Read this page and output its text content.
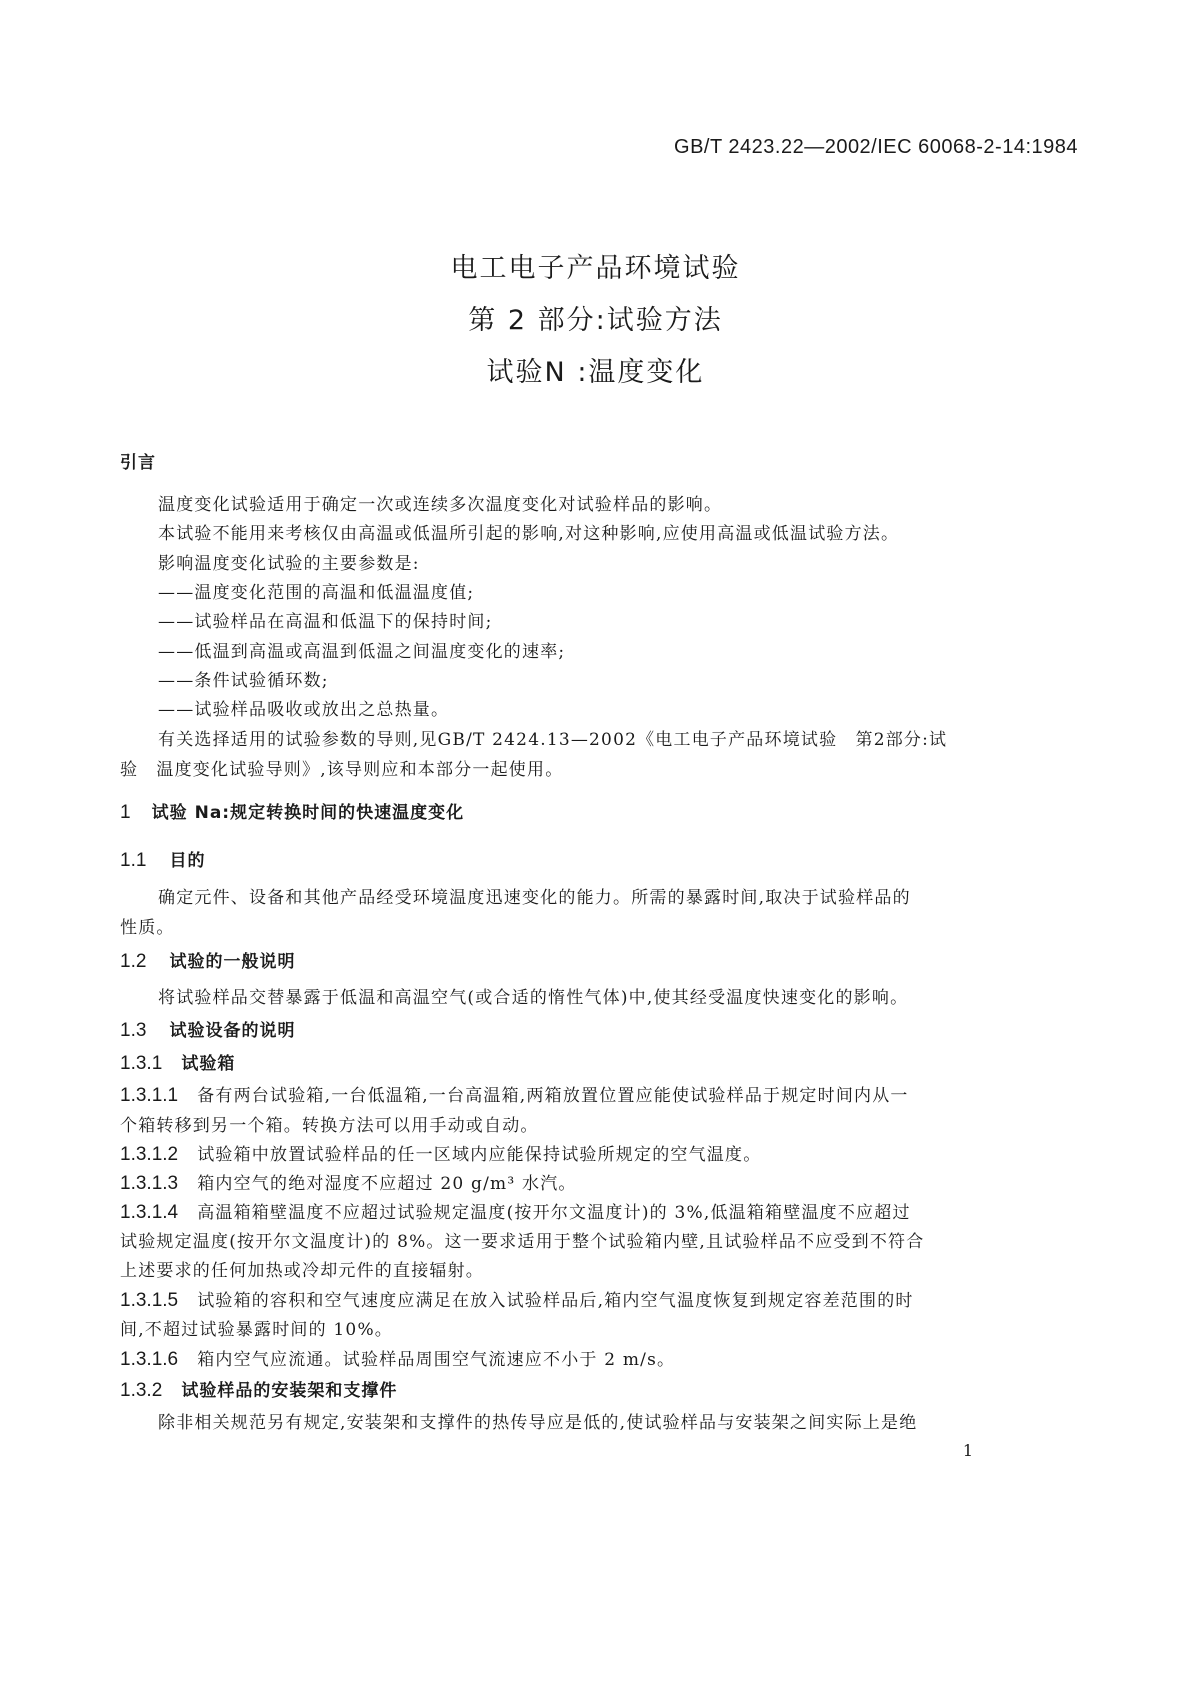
GB/T 2423.22—2002/IEC 60068-2-14:1984
电工电子产品环境试验
第 2 部分:试验方法
试验N :温度变化
引言
温度变化试验适用于确定一次或连续多次温度变化对试验样品的影响。
本试验不能用来考核仅由高温或低温所引起的影响,对这种影响,应使用高温或低温试验方法。
影响温度变化试验的主要参数是:
——温度变化范围的高温和低温温度值;
——试验样品在高温和低温下的保持时间;
——低温到高温或高温到低温之间温度变化的速率;
——条件试验循环数;
——试验样品吸收或放出之总热量。
有关选择适用的试验参数的导则,见GB/T 2424.13—2002《电工电子产品环境试验　第2部分:试
验　温度变化试验导则》,该导则应和本部分一起使用。
1 试验 Na:规定转换时间的快速温度变化
1.1 目的
确定元件、设备和其他产品经受环境温度迅速变化的能力。所需的暴露时间,取决于试验样品的
性质。
1.2 试验的一般说明
将试验样品交替暴露于低温和高温空气(或合适的惰性气体)中,使其经受温度快速变化的影响。
1.3 试验设备的说明
1.3.1 试验箱
1.3.1.1 备有两台试验箱,一台低温箱,一台高温箱,两箱放置位置应能使试验样品于规定时间内从一
个箱转移到另一个箱。转换方法可以用手动或自动。
1.3.1.2 试验箱中放置试验样品的任一区域内应能保持试验所规定的空气温度。
1.3.1.3 箱内空气的绝对湿度不应超过 20 g/m³ 水汽。
1.3.1.4 高温箱箱壁温度不应超过试验规定温度(按开尔文温度计)的 3%,低温箱箱壁温度不应超过
试验规定温度(按开尔文温度计)的 8%。这一要求适用于整个试验箱内壁,且试验样品不应受到不符合
上述要求的任何加热或冷却元件的直接辐射。
1.3.1.5 试验箱的容积和空气速度应满足在放入试验样品后,箱内空气温度恢复到规定容差范围的时
间,不超过试验暴露时间的 10%。
1.3.1.6 箱内空气应流通。试验样品周围空气流速应不小于 2 m/s。
1.3.2 试验样品的安装架和支撑件
除非相关规范另有规定,安装架和支撑件的热传导应是低的,使试验样品与安装架之间实际上是绝
1
